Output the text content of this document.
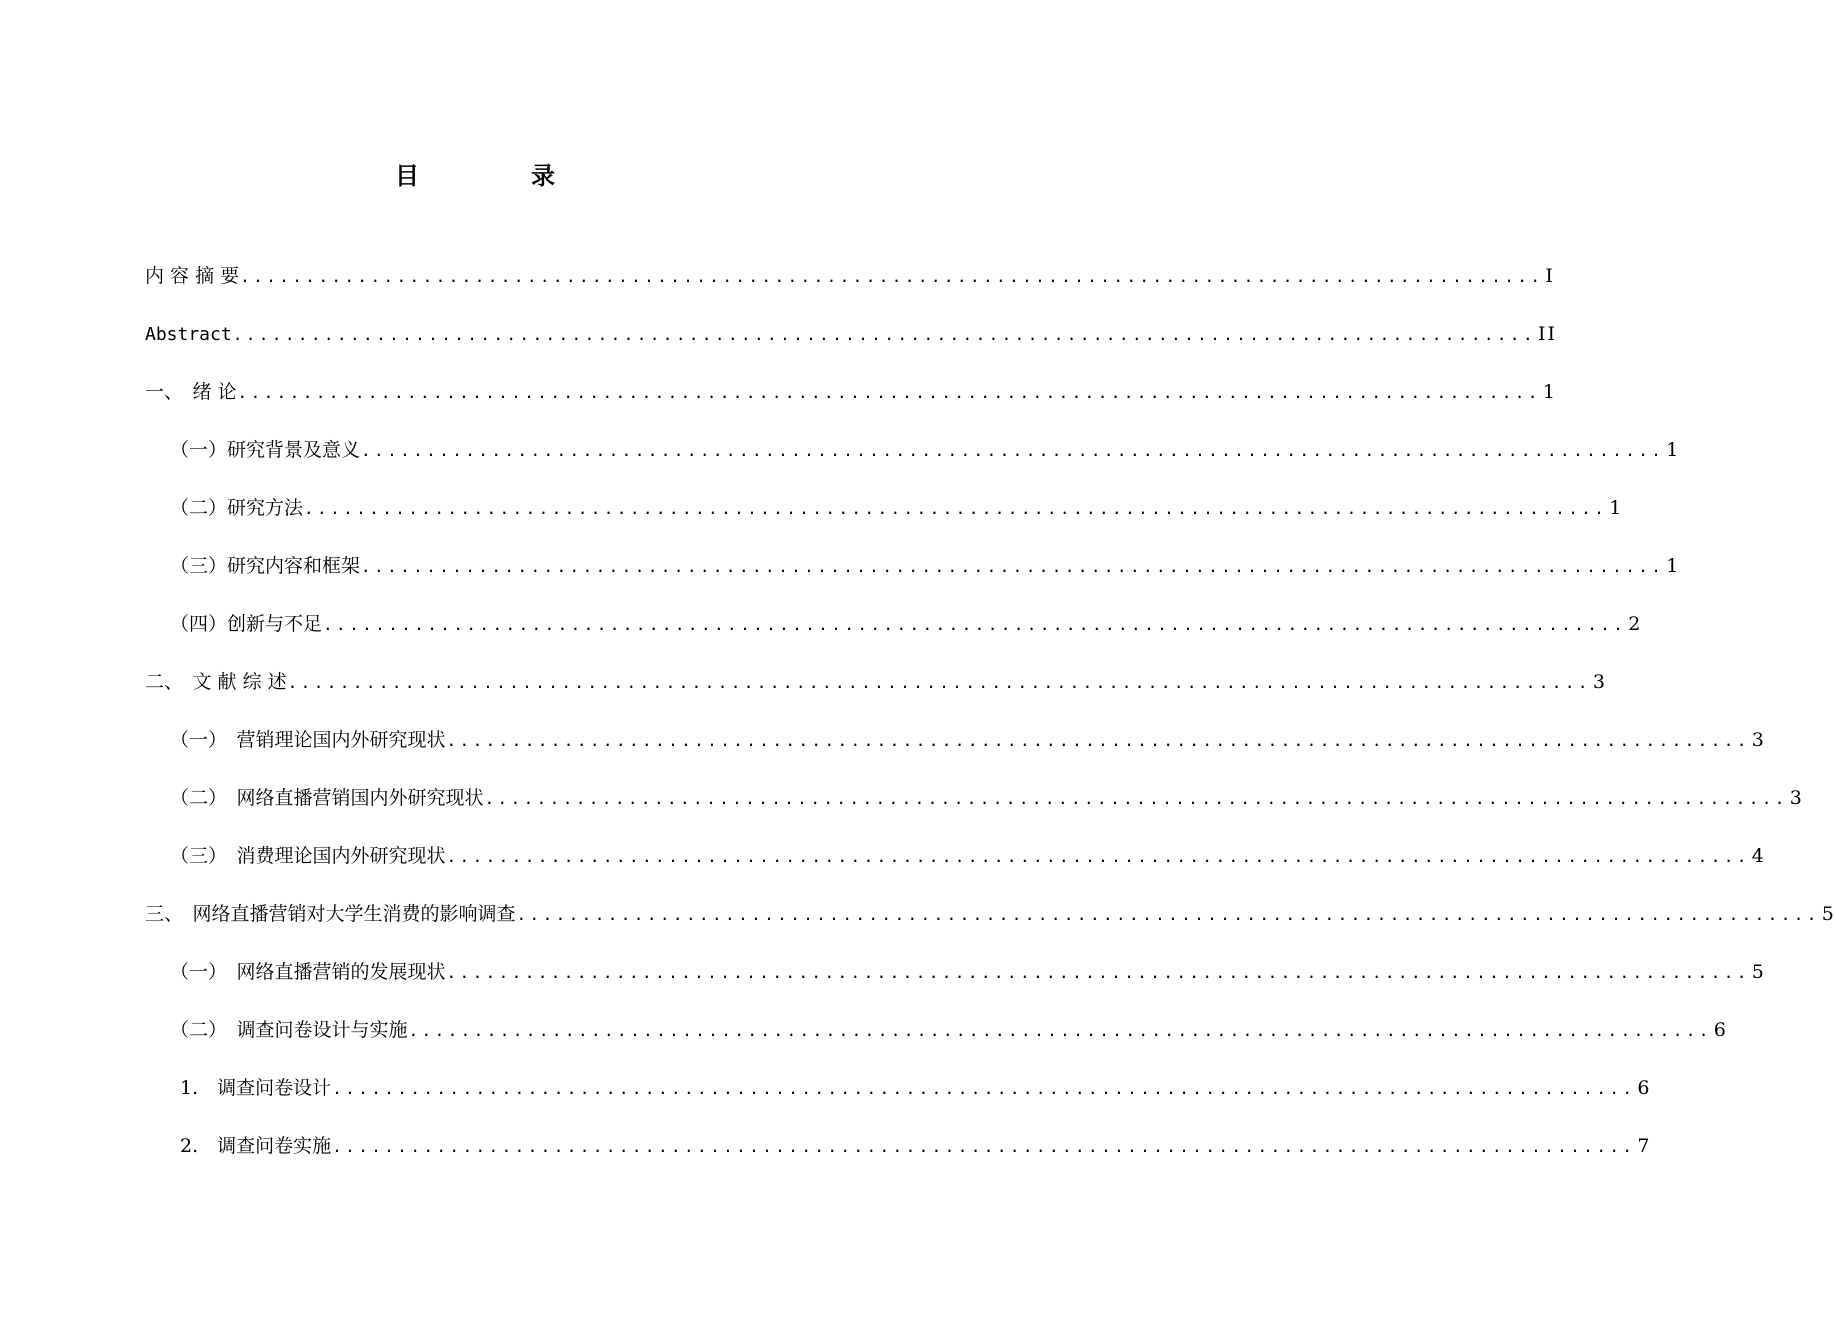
目　录
内 容 摘 要 .................................................................................................... I
Abstract .................................................................................................... II
一、　绪 论 .................................................................................................... 1
（一）研究背景及意义 .................................................................................................... 1
（二）研究方法 .................................................................................................... 1
（三）研究内容和框架 .................................................................................................... 1
（四）创新与不足 .................................................................................................... 2
二、　文 献 综 述 .................................................................................................... 3
（一）　营销理论国内外研究现状 .................................................................................................... 3
（二）　网络直播营销国内外研究现状 .................................................................................................... 3
（三）　消费理论国内外研究现状 .................................................................................................... 4
三、　网络直播营销对大学生消费的影响调查 .................................................................................................... 5
（一）　网络直播营销的发展现状 .................................................................................................... 5
（二）　调查问卷设计与实施 .................................................................................................... 6
1.　调查问卷设计 .................................................................................................... 6
2.　调查问卷实施 .................................................................................................... 7
